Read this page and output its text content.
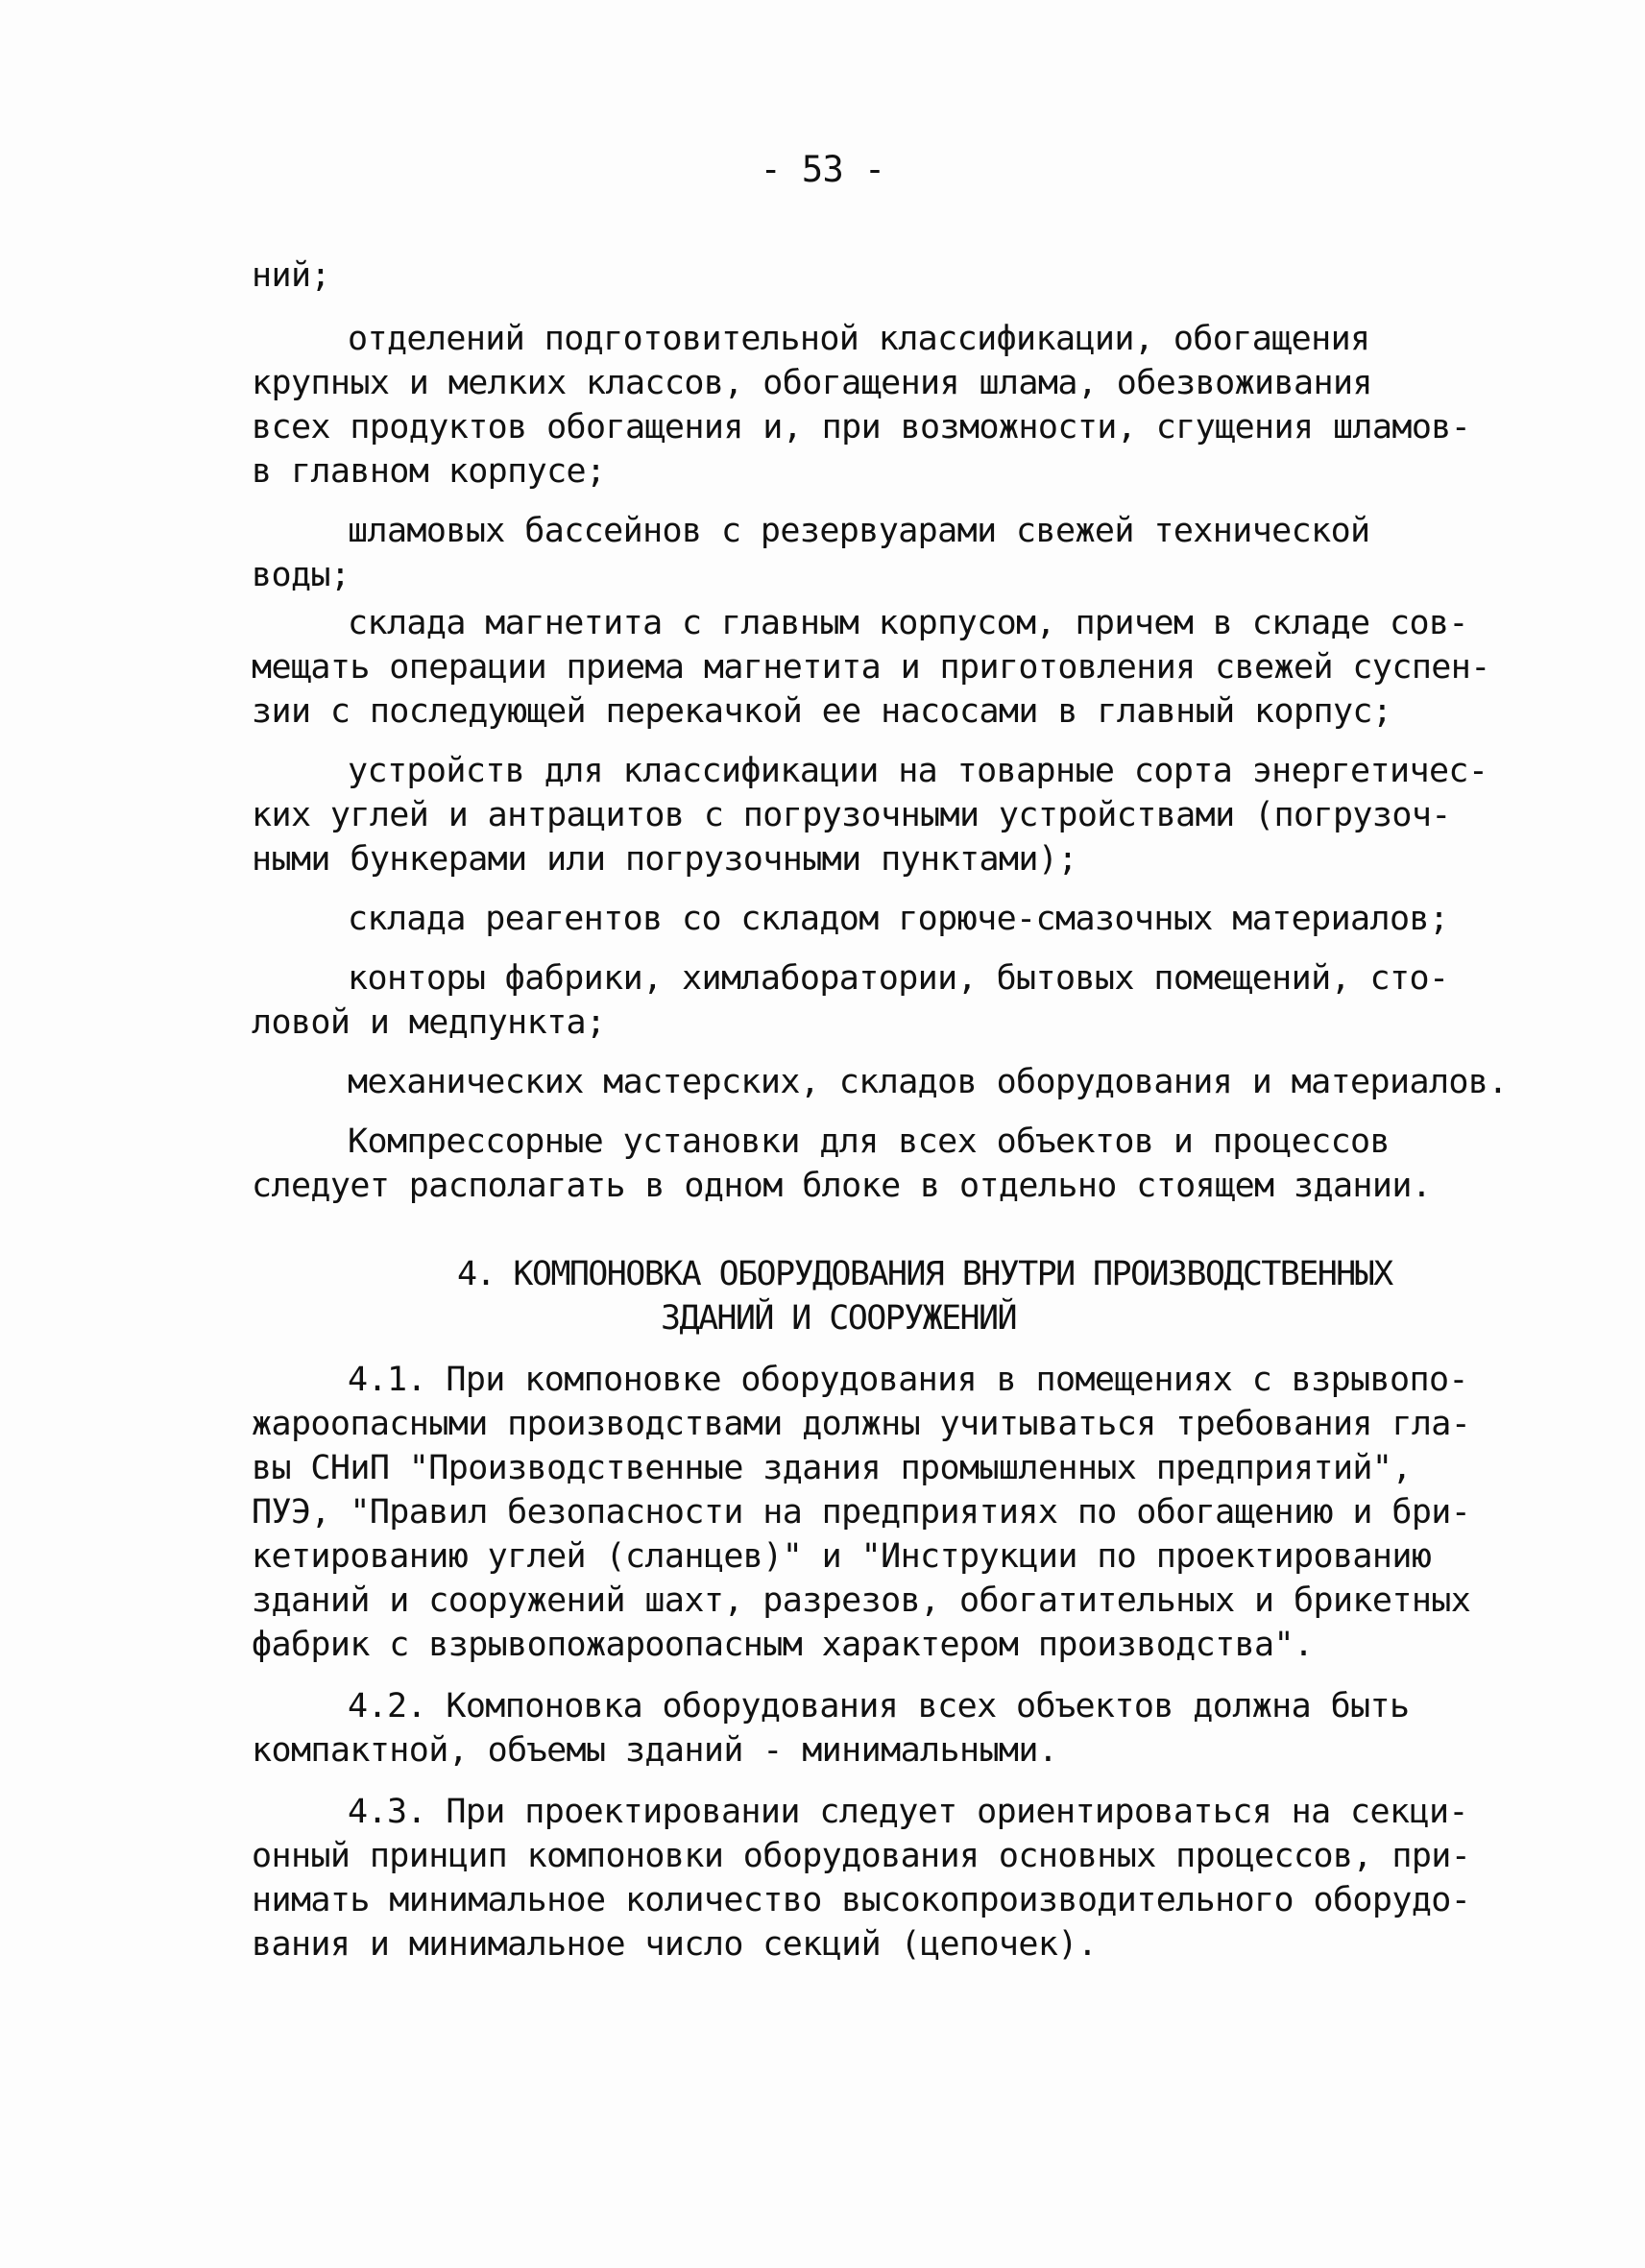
- 53 -
ний;
отделений подготовительной классификации, обогащения
крупных и мелких классов, обогащения шлама, обезвоживания
всех продуктов обогащения и, при возможности, сгущения шламов-
в главном корпусе;
шламовых бассейнов с резервуарами свежей технической
воды;
склада магнетита с главным корпусом, причем в складе сов-
мещать операции приема магнетита и приготовления свежей суспен-
зии с последующей перекачкой ее насосами в главный корпус;
устройств для классификации на товарные сорта энергетичес-
ких углей и антрацитов с погрузочными устройствами (погрузоч-
ными бункерами или погрузочными пунктами);
склада реагентов со складом горюче-смазочных материалов;
конторы фабрики, химлаборатории, бытовых помещений, сто-
ловой и медпункта;
механических мастерских, складов оборудования и материалов.
Компрессорные установки для всех объектов и процессов
следует располагать в одном блоке в отдельно стоящем здании.
4. КОМПОНОВКА ОБОРУДОВАНИЯ ВНУТРИ ПРОИЗВОДСТВЕННЫХ
ЗДАНИЙ И СООРУЖЕНИЙ
4.1. При компоновке оборудования в помещениях с взрывопо-
жароопасными производствами должны учитываться требования гла-
вы СНиП "Производственные здания промышленных предприятий",
ПУЭ, "Правил безопасности на предприятиях по обогащению и бри-
кетированию углей (сланцев)" и "Инструкции по проектированию
зданий и сооружений шахт, разрезов, обогатительных и брикетных
фабрик с взрывопожароопасным характером производства".
4.2. Компоновка оборудования всех объектов должна быть
компактной, объемы зданий - минимальными.
4.3. При проектировании следует ориентироваться на секци-
онный принцип компоновки оборудования основных процессов, при-
нимать минимальное количество высокопроизводительного оборудо-
вания и минимальное число секций (цепочек).
